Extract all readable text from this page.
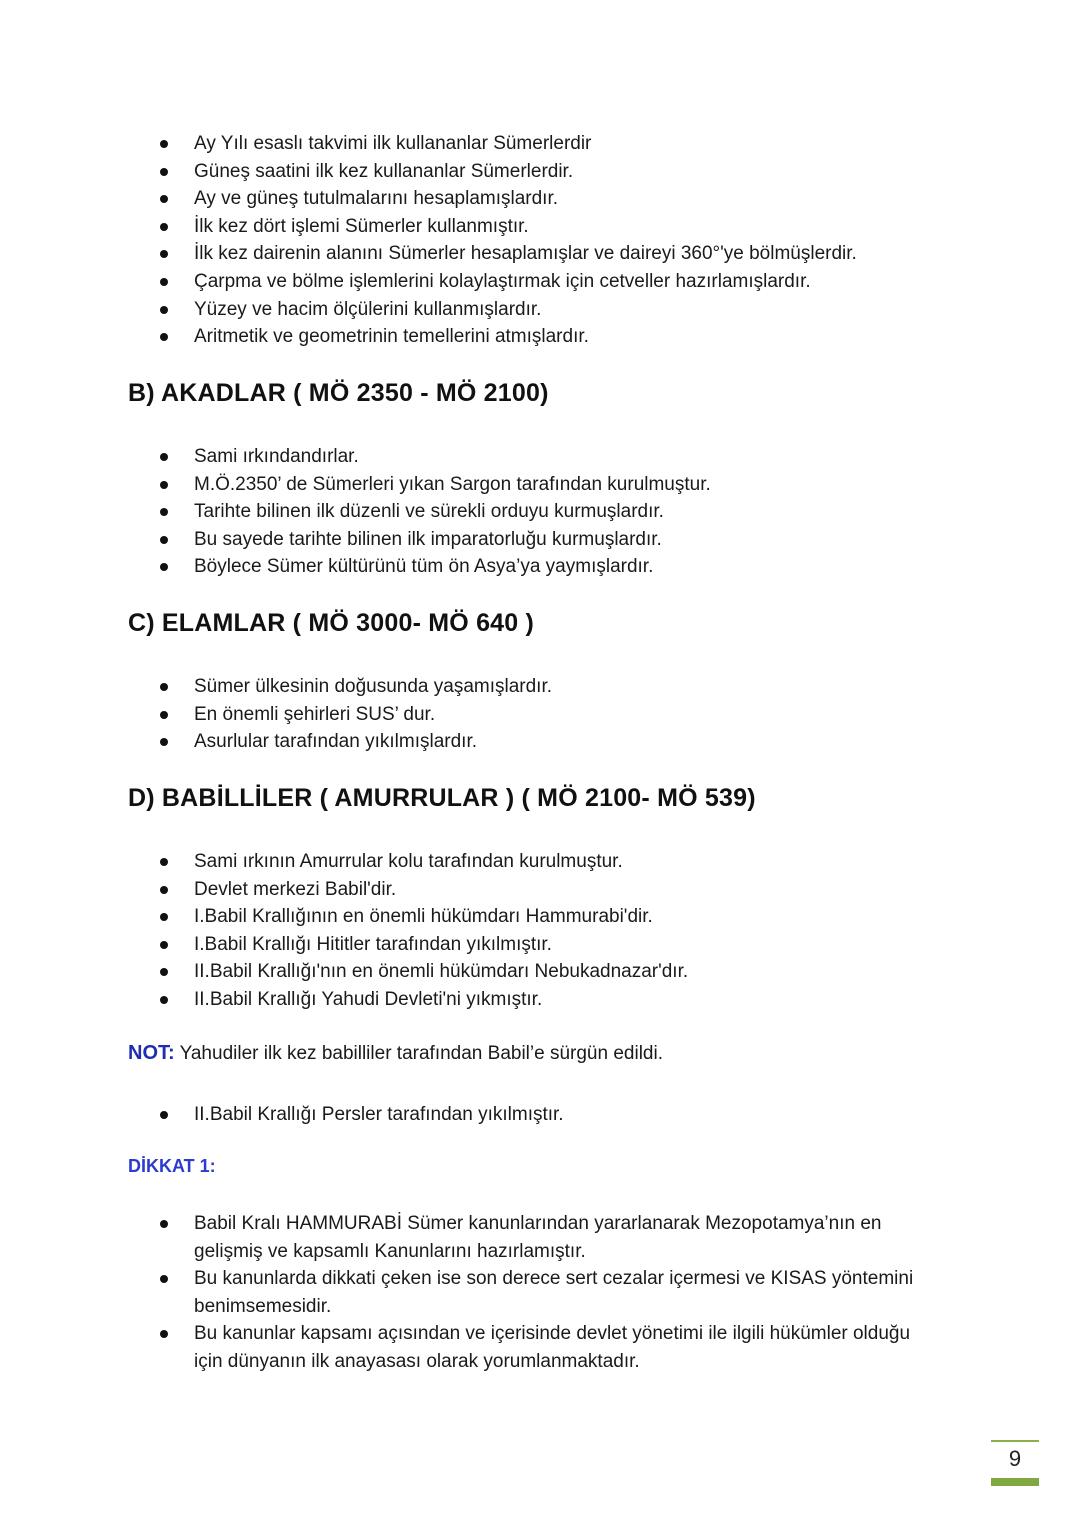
Ay Yılı esaslı takvimi ilk kullananlar Sümerlerdir
Güneş saatini ilk kez kullananlar Sümerlerdir.
Ay ve güneş tutulmalarını hesaplamışlardır.
İlk kez dört işlemi Sümerler kullanmıştır.
İlk kez dairenin alanını Sümerler hesaplamışlar ve daireyi 360°'ye bölmüşlerdir.
Çarpma ve bölme işlemlerini kolaylaştırmak için cetveller hazırlamışlardır.
Yüzey ve hacim ölçülerini kullanmışlardır.
Aritmetik ve geometrinin temellerini atmışlardır.
B) AKADLAR ( MÖ 2350 - MÖ 2100)
Sami ırkındandırlar.
M.Ö.2350’ de Sümerleri yıkan Sargon tarafından kurulmuştur.
Tarihte bilinen ilk düzenli ve sürekli orduyu kurmuşlardır.
Bu sayede tarihte bilinen ilk imparatorluğu kurmuşlardır.
Böylece Sümer kültürünü tüm ön Asya’ya yaymışlardır.
C) ELAMLAR ( MÖ 3000- MÖ 640 )
Sümer ülkesinin doğusunda yaşamışlardır.
En önemli şehirleri SUS’ dur.
Asurlular tarafından yıkılmışlardır.
D) BABİLLİLER ( AMURRULAR ) ( MÖ 2100- MÖ 539)
Sami ırkının Amurrular kolu tarafından kurulmuştur.
Devlet merkezi Babil'dir.
I.Babil Krallığının en önemli hükümdarı Hammurabi'dir.
I.Babil Krallığı Hititler tarafından yıkılmıştır.
II.Babil Krallığı'nın en önemli hükümdarı Nebukadnazar'dır.
II.Babil Krallığı Yahudi Devleti'ni yıkmıştır.
NOT: Yahudiler ilk kez babilliler tarafından Babil’e sürgün edildi.
II.Babil Krallığı Persler tarafından yıkılmıştır.
DİKKAT 1:
Babil Kralı HAMMURABİ Sümer kanunlarından yararlanarak Mezopotamya’nın en
gelişmiş ve kapsamlı Kanunlarını hazırlamıştır.
Bu kanunlarda dikkati çeken ise son derece sert cezalar içermesi ve KISAS yöntemini
benimsemesidir.
Bu kanunlar kapsamı açısından ve içerisinde devlet yönetimi ile ilgili hükümler olduğu
için dünyanın ilk anayasası olarak yorumlanmaktadır.
9
